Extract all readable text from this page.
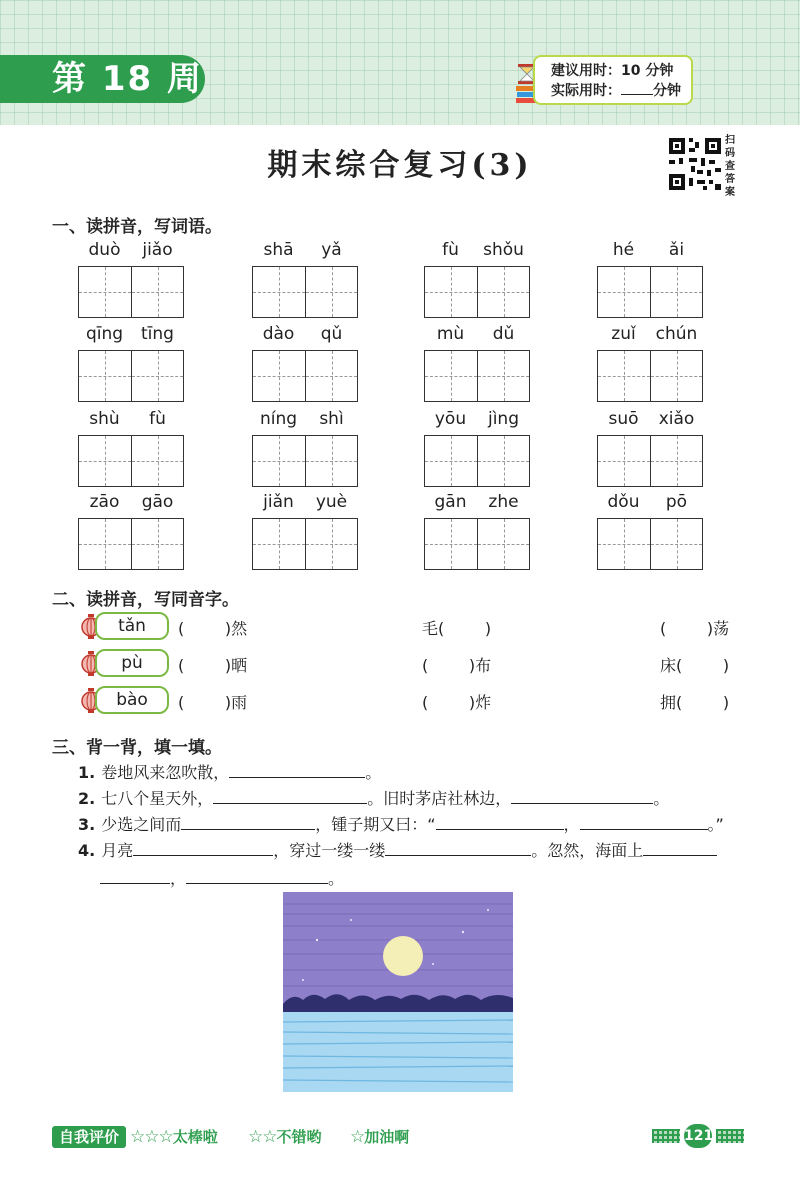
第 18 周	建议用时：10 分钟
实际用时： 分钟
期末综合复习(3)
扫
码
查
答
案
一、读拼音，写词语。
duò	jiǎo	shā	yǎ	fù	shǒu	hé	ǎi
qīng	tīng	dào	qǔ	mù	dǔ	zuǐ	chún
shù	fù	níng	shì	yōu	jìng	suō	xiǎo
zāo	gāo	jiǎn	yuè	gān	zhe	dǒu	pō
二、读拼音，写同音字。
tǎn	(        )然	毛(        )	(        )荡
pù	(        )晒	(        )布	床(        )
bào	(        )雨	(        )炸	拥(        )
三、背一背，填一填。
1. 卷地风来忽吹散，	。
2. 七八个星天外，	。旧时茅店社林边，	。
3. 少选之间而	，锺子期又曰：“	，	。”
4. 月亮	，穿过一缕一缕	。忽然，海面上
，	。
自我评价 ☆☆☆太棒啦 ☆☆不错哟 ☆加油啊	121
